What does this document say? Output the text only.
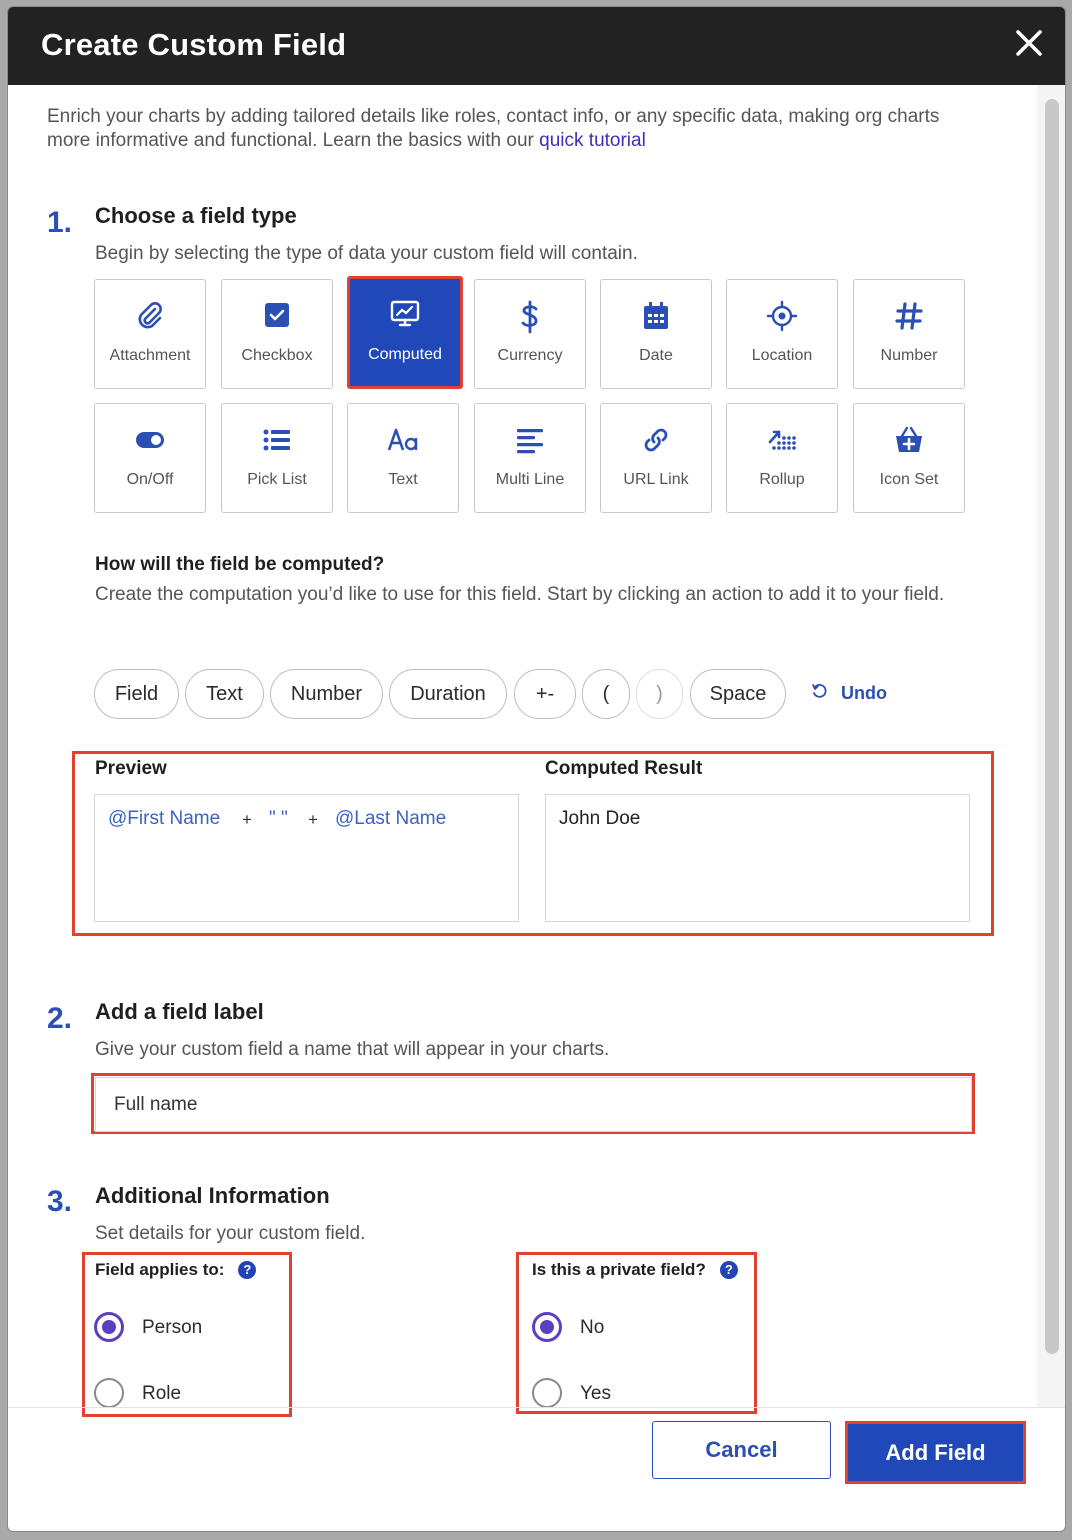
Create Custom Field
Enrich your charts by adding tailored details like roles, contact info, or any specific data, making org charts more informative and functional. Learn the basics with our quick tutorial
1. Choose a field type
Begin by selecting the type of data your custom field will contain.
Attachment	Checkbox	Computed	Currency	Date	Location	Number
On/Off	Pick List	Text	Multi Line	URL Link	Rollup	Icon Set
How will the field be computed?
Create the computation you’d like to use for this field. Start by clicking an action to add it to your field.
Field	Text	Number	Duration	+-	(	)	Space	Undo
Preview	Computed Result
@First Name + " " + @Last Name	John Doe
2. Add a field label
Give your custom field a name that will appear in your charts.
Full name
3. Additional Information
Set details for your custom field.
Field applies to:	?
Person
Role
Is this a private field?	?
No
Yes
Cancel	Add Field
